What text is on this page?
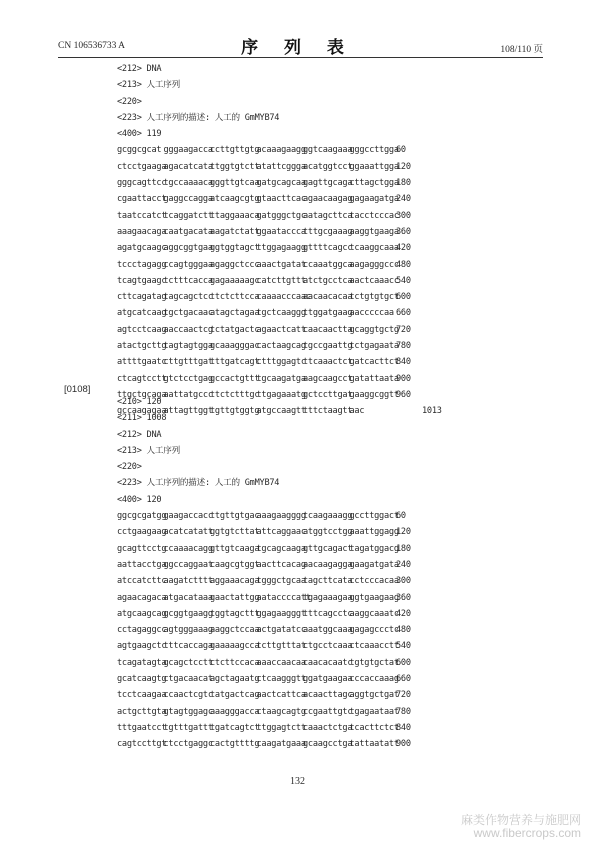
CN 106536733 A	序 列 表	108/110 页
[0108]
<212> DNA
<213> 人工序列
<220>
<223> 人工序列的描述: 人工的 GmMYB74
<400> 119
gcggcgcat gggaagaccaccttgttgtgacaaagaaggggtcaagaaagggccttgga60
ctcctgaagaagacatcatattggtgtcttatattcgggaacatggtcctggaaattgga120
gggcagttcctgccaaaacagggttgtcaagatgcagcaagagttgcagacttagctgga180
cgaattacctgaggccaggaatcaagcgtggtaacttcacagaacaagaggagaagatga240
taatccatcttcaggatcttttaggaaacagatgggctgcaatagcttcatacctcccac300
aaagaacagacaatgacataaagatctattggaatacccatttgcgaaagaaggtgaaga360
agatgcaagcaggcggtgaaggtggtagctttggagaagggttttcagcctcaaggcaaa420
tccctagaggccagtgggaaagaggctcccaaactgatatccaaatggcaaagagggccc480
tcagtgaagctctttcaccagagaaaaagccatcttgtttatctgcctcaaactcaaacc540
cttcagatagtagcagctccttctcttccacaaaacccaacaacaacacaatctgtgtgct600
atgcatcaagtgctgacaacatagctagaatgctcaagggttggatgaagaacccccaa 660
agtcctcaagaaccaactcgtctatgactcagaactcattcaacaacttagcaggtgctg720
atactgcttgtagtagtggagcaaagggaccactaagcagtgccgaattgtctgagaata780
attttgaatccttgtttgattttgatcagtctttggagtcttcaaactctgatcacttct840
ctcagtccttgtctcctgaggccactgttttgcaagatgaaagcaagcctgatattaata900
ttgctgcagaaattatgcccttctctttgcttgagaaatggctccttgatgaaggcggtt960
gccaagagaaattagttggttgttgtggtgatgccaagtttttctaagttaac	1013
<210> 120
<211> 1008
<212> DNA
<213> 人工序列
<220>
<223> 人工序列的描述: 人工的 GmMYB74
<400> 120
ggcgcgatgggaagaccaccttgttgtgacaaagaaggggtcaagaaagggccttggact60
cctgaagaagacatcatattggtgtcttatattcaggaacatggtcctggaaattggagg120
gcagttcctgccaaaacagggttgtcaagatgcagcaagagttgcagacttagatggacg180
aattacctgaggccaggaatcaagcgtggtaacttcacagaacaagaggagaagatgata240
atccatcttcaagatcttttaggaaacagatgggctgcaatagcttcatacctcccacaa300
agaacagacaatgacataaagaactattggaataccccatttgagaaagaaggtgaagaag360
atgcaagcaggcggtgaaggtggtagctttggagaagggttttcagcctcaaggcaaatc420
cctagaggccagtgggaaagaaggctccaaactgatatccaaatggcaaagagagccctc480
agtgaagctctttcaccagagaaaaagccatcttgtttatctgcctcaaactcaaacctt540
tcagatagtagcagctccttctcttccacaaaaccaacaacaacacaatctgtgtgctat600
gcatcaagtgctgacaacatagctagaatgctcaagggttggatgaagaacccaccaaag660
tcctcaagaaccaactcgtctatgactcagaactcattcaacaacttagcaggtgctgat720
actgcttgtagtagtggagcaaagggaccactaagcagtgccgaattgtctgagaataat780
tttgaatccttgtttgattttgatcagtctttggagtcttcaaactctgatcacttctct840
cagtccttgtctcctgaggccactgttttgcaagatgaaagcaagcctgatattaatatt900
132
麻类作物营养与施肥网
www.fibercrops.com
